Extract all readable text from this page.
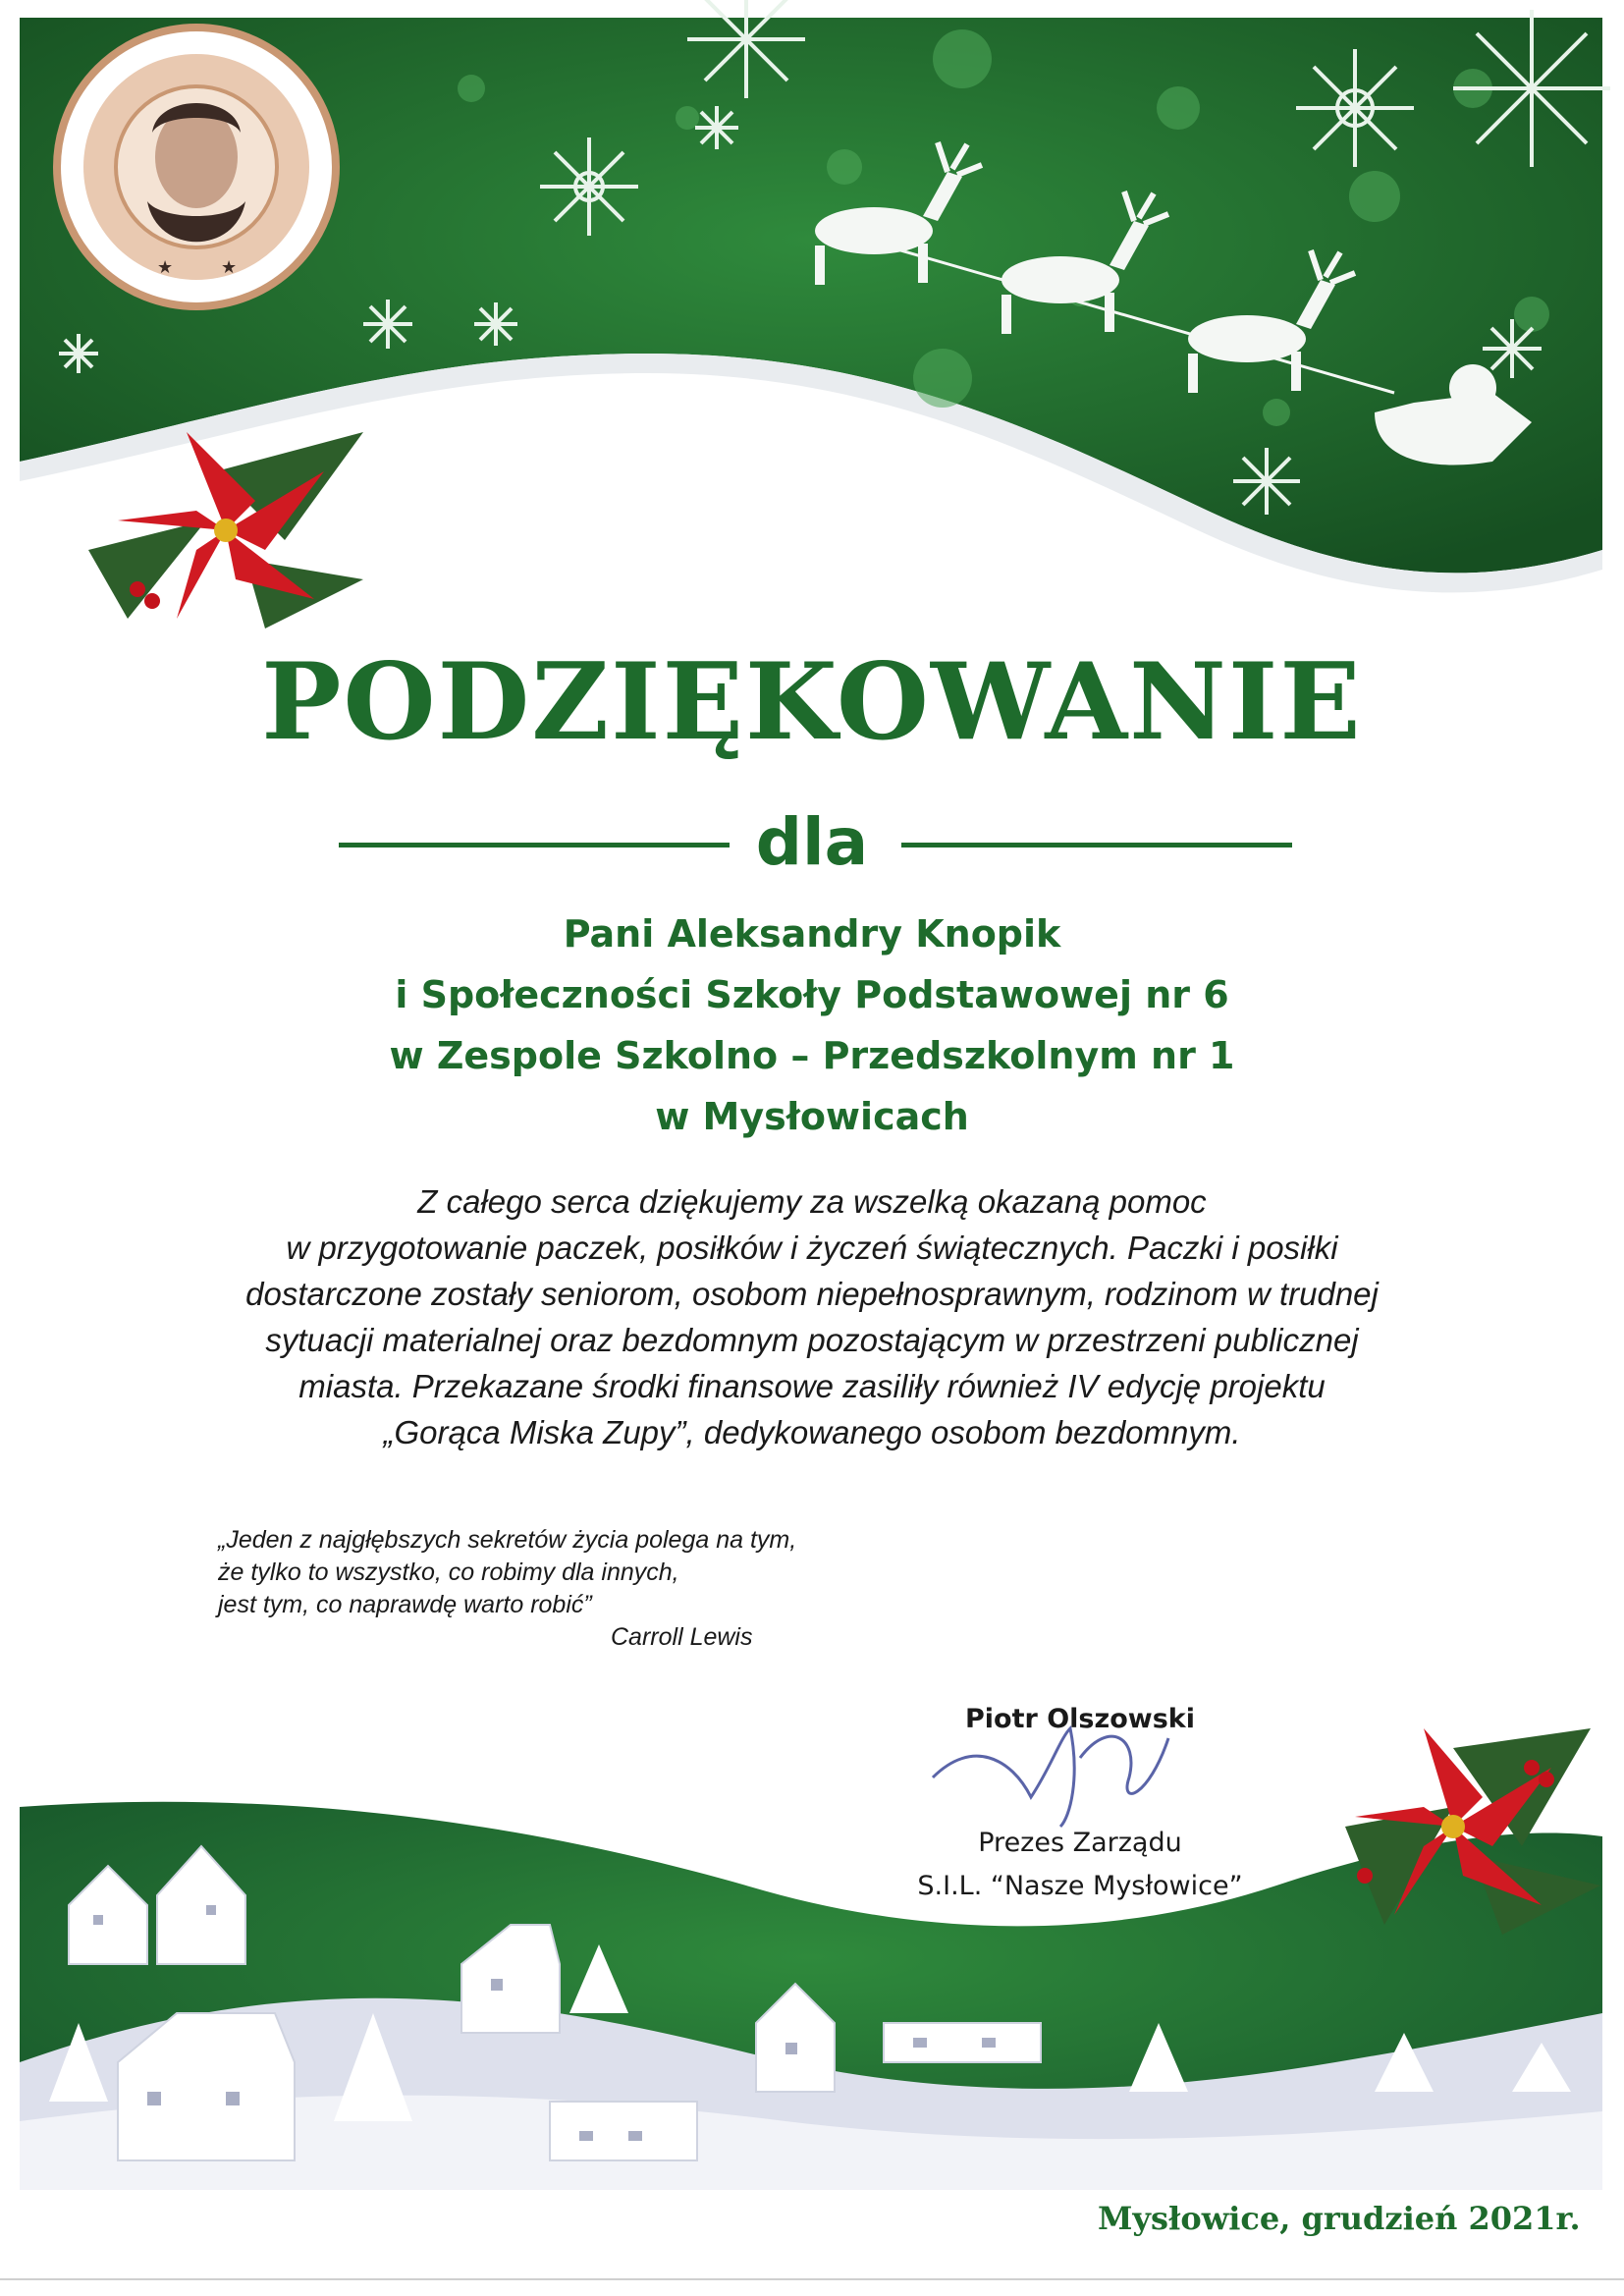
★	★
PODZIĘKOWANIE
dla
Pani Aleksandry Knopik
i Społeczności Szkoły Podstawowej nr 6
w Zespole Szkolno – Przedszkolnym nr 1
w Mysłowicach
Z całego serca dziękujemy za wszelką okazaną pomoc
w przygotowanie paczek, posiłków i życzeń świątecznych. Paczki i posiłki
dostarczone zostały seniorom, osobom niepełnosprawnym, rodzinom w trudnej
sytuacji materialnej oraz bezdomnym pozostającym w przestrzeni publicznej
miasta. Przekazane środki finansowe zasiliły również IV edycję projektu
„Gorąca Miska Zupy”, dedykowanego osobom bezdomnym.
„Jeden z najgłębszych sekretów życia polega na tym,
że tylko to wszystko, co robimy dla innych,
jest tym, co naprawdę warto robić”
Carroll Lewis
Piotr Olszowski
Prezes Zarządu
S.I.L. “Nasze Mysłowice”
Mysłowice, grudzień 2021r.
